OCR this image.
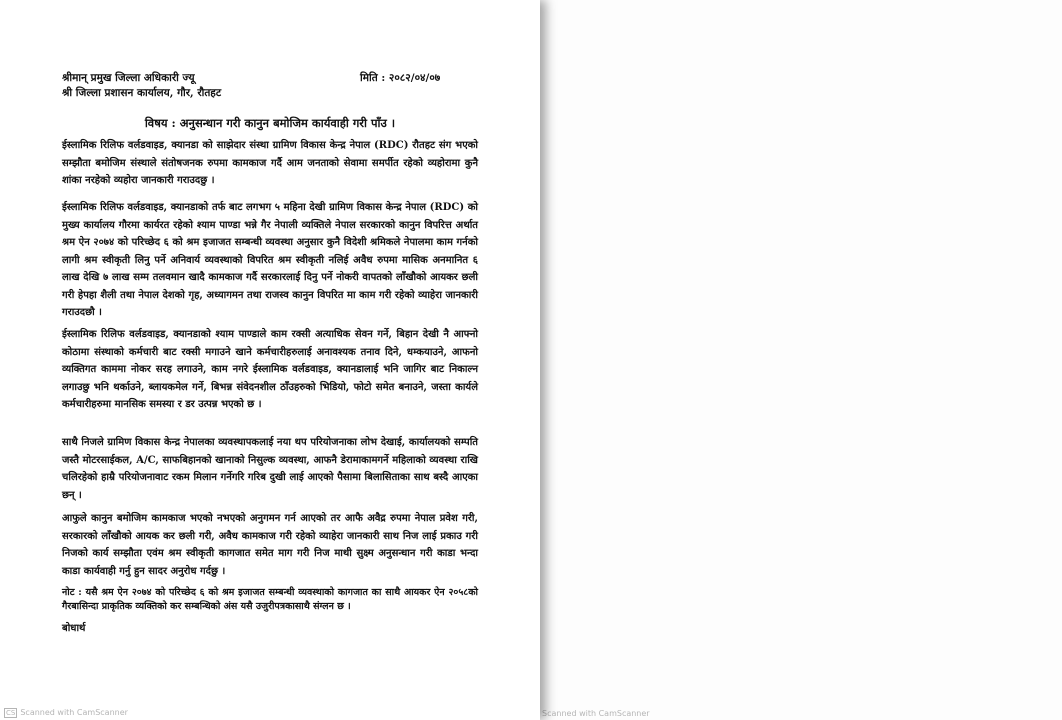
श्रीमान् प्रमुख जिल्ला अधिकारी ज्यू
श्री जिल्ला प्रशासन कार्यालय, गौर, रौतहट
मिति : २०८२/०४/०७
विषय : अनुसन्धान गरी कानुन बमोजिम कार्यवाही गरी पाँउ ।

ईस्लामिक रिलिफ वर्लडवाइड, क्यानडा को साझेदार संस्था ग्रामिण विकास केन्द्र नेपाल (RDC) रौतहट संग भएको सम्झौता बमोजिम संस्थाले संतोषजनक रुपमा कामकाज गर्दै आम जनताको सेवामा समर्पीत रहेको व्यहोरामा कुनै शांका नरहेको व्यहोरा जानकारी गराउदछु ।

ईस्लामिक रिलिफ वर्लडवाइड, क्यानडाको तर्फ बाट लगभग ५ महिना देखी ग्रामिण विकास केन्द्र नेपाल (RDC) को मुख्य कार्यालय गौरमा कार्यरत रहेको श्याम पाण्डा भन्ने गैर नेपाली व्यक्तिले नेपाल सरकारको कानुन विपरित्त अर्थात श्रम ऐन २०७४ को परिच्छेद ६ को श्रम इजाजत सम्बन्धी व्यवस्था अनुसार कुनै विदेशी श्रमिकले नेपालमा काम गर्नको लागी श्रम स्वीकृती लिनु पर्ने अनिवार्य व्यवस्थाको विपरित श्रम स्वीकृती नलिई अवैध रुपमा मासिक अनमानित ६ लाख देखि ७ लाख सम्म तलवमान खादै कामकाज गर्दै सरकारलाई दिनु पर्ने नोकरी वापतको लाँखौको आयकर छली गरी हेपहा शैली तथा नेपाल देशको गृह, अध्यागमन तथा राजस्व कानुन विपरित मा काम गरी रहेको व्याहेरा जानकारी गराउदछौ ।

ईस्लामिक रिलिफ वर्लडवाइड, क्यानडाको श्याम पाण्डाले काम रक्सी अत्याधिक सेवन गर्ने, बिहान देखी नै आफ्नो कोठामा संस्थाको कर्मचारी बाट रक्सी मगाउने खाने कर्मचारीहरुलाई अनावश्यक तनाव दिने, धम्कयाउने, आफनो व्यक्तिगत काममा नोकर सरह लगाउने, काम नगरे ईस्लामिक वर्लडवाइड, क्यानडालाई भनि जागिर बाट निकाल्न लगाउछु भनि थर्काउने, ब्लायकमेल गर्ने, बिभन्न संवेदनशील ठाँउहरुको भिडियो, फोटो समेत बनाउने, जस्ता कार्यले कर्मचारीहरुमा मानसिक समस्या र डर उत्पन्न भएको छ ।

साथै निजले ग्रामिण विकास केन्द्र नेपालका व्यवस्थापकलाई नया थप परियोजनाका लोभ देखाई, कार्यालयको सम्पति जस्तै मोटरसाईकल, A/C, साफबिहानको खानाको निसुल्क व्यवस्था, आफनै डेरामाकामगर्ने महिलाको व्यवस्था राखि चलिरहेको हाम्रै परियोजनावाट रकम मिलान गर्नेगरि गरिब दुखी लाई आएको पैसामा बिलासिताका साथ बस्दै आएका छन् ।

आफुले कानुन बमोजिम कामकाज भएको नभएको अनुगमन गर्न आएको तर आफै अवैद्र रुपमा नेपाल प्रवेश गरी, सरकारको लाँखौको आयक कर छली गरी, अवैध कामकाज गरी रहेको व्याहेरा जानकारी साथ निज लाई प्रकाउ गरी निजको कार्य सम्झौता एवंम श्रम स्वीकृती कागजात समेत माग गरी निज माथी सुक्ष्म अनुसन्धान गरी काडा भन्दा काडा कार्यवाही गर्नु हुन सादर अनुरोध गर्दछु ।

नोट : यसै श्रम ऐन २०७४ को परिच्छेद ६ को श्रम इजाजत सम्बन्धी व्यवस्थाको कागजात का साथै आयकर ऐन २०५८को गैरबासिन्दा प्राकृतिक व्यक्तिको कर सम्बन्धिको अंस यसै उजुरीपत्रकासाथै संग्लन छ ।

बोधार्थ
CS Scanned with CamScanner	Scanned with CamScanner
